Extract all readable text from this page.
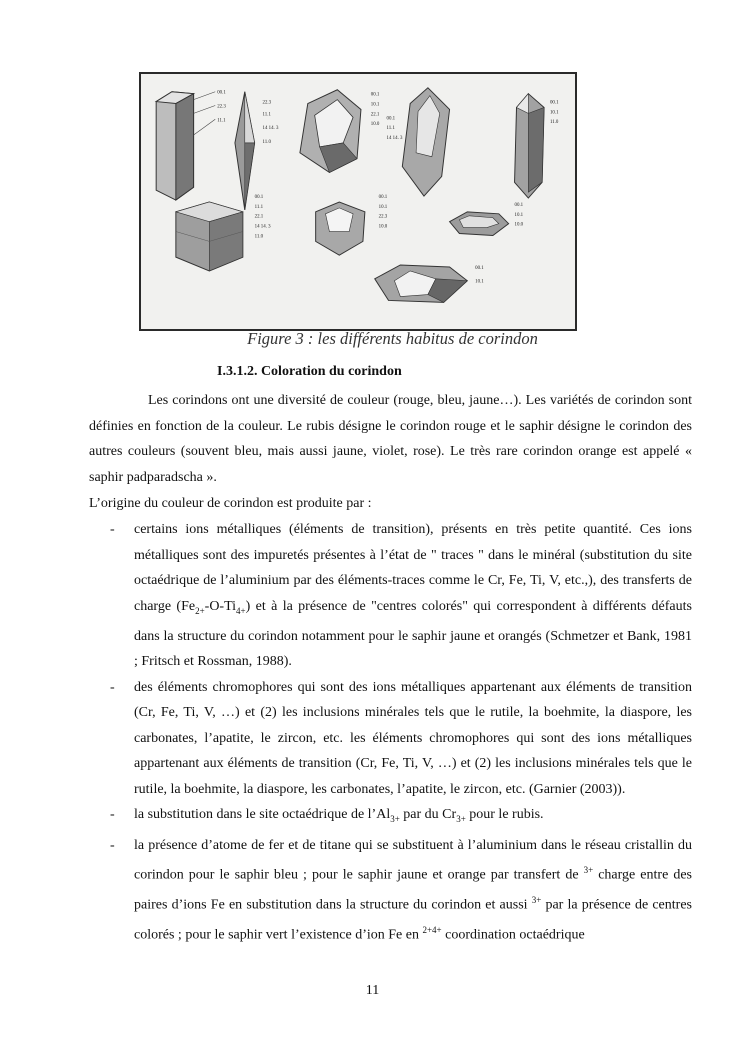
00.1
22.3
11.1
22.3
11.1
14 14. 3
11.0
00.1
10.1
22.1
10.0
00.1
11.1
14 14. 3
00.1
10.1
11.0
00.1
11.1
22.1
14 14. 3
11.0
00.1
10.1
22.3
10.0
00.1
10.1
10.0
00.1
10.1
Figure 3 : les différents habitus de corindon
I.3.1.2. Coloration du corindon
Les corindons ont une diversité de couleur (rouge, bleu, jaune…). Les variétés de corindon sont définies en fonction de la couleur. Le rubis désigne le corindon rouge et le saphir désigne le corindon des autres couleurs (souvent bleu, mais aussi jaune, violet, rose). Le très rare corindon orange est appelé « saphir padparadscha ».
L’origine du couleur de corindon est produite par :
- certains ions métalliques (éléments de transition), présents en très petite quantité. Ces ions métalliques sont des impuretés présentes à l’état de " traces " dans le minéral (substitution du site octaédrique de l’aluminium par des éléments-traces comme le Cr, Fe, Ti, V, etc.,), des transferts de charge $(Fe_{2+}-O-Ti_{4+})$ et à la présence de "centres colorés" qui correspondent à différents défauts dans la structure du corindon notamment pour le saphir jaune et orangés (Schmetzer et Bank, 1981 ; Fritsch et Rossman, 1988).
- des éléments chromophores qui sont des ions métalliques appartenant aux éléments de transition (Cr, Fe, Ti, V, …) et (2) les inclusions minérales tels que le rutile, la boehmite, la diaspore, les carbonates, l’apatite, le zircon, etc. les éléments chromophores qui sont des ions métalliques appartenant aux éléments de transition (Cr, Fe, Ti, V, …) et (2) les inclusions minérales tels que le rutile, la boehmite, la diaspore, les carbonates, l’apatite, le zircon, etc. (Garnier (2003)).
- la substitution dans le site octaédrique de $l’Al_{3+}$ par du $Cr_{3+}$ pour le rubis.
- la présence d’atome de fer et de titane qui se substituent à l’aluminium dans le réseau cristallin du corindon pour le saphir bleu ; pour le saphir jaune et orange par transfert de $^{3+}$ charge entre des paires d’ions Fe en substitution dans la structure du corindon et aussi $^{3+}$ par la présence de centres colorés ; pour le saphir vert l’existence d’ion Fe en $^{2+4+}$ coordination octaédrique
11
